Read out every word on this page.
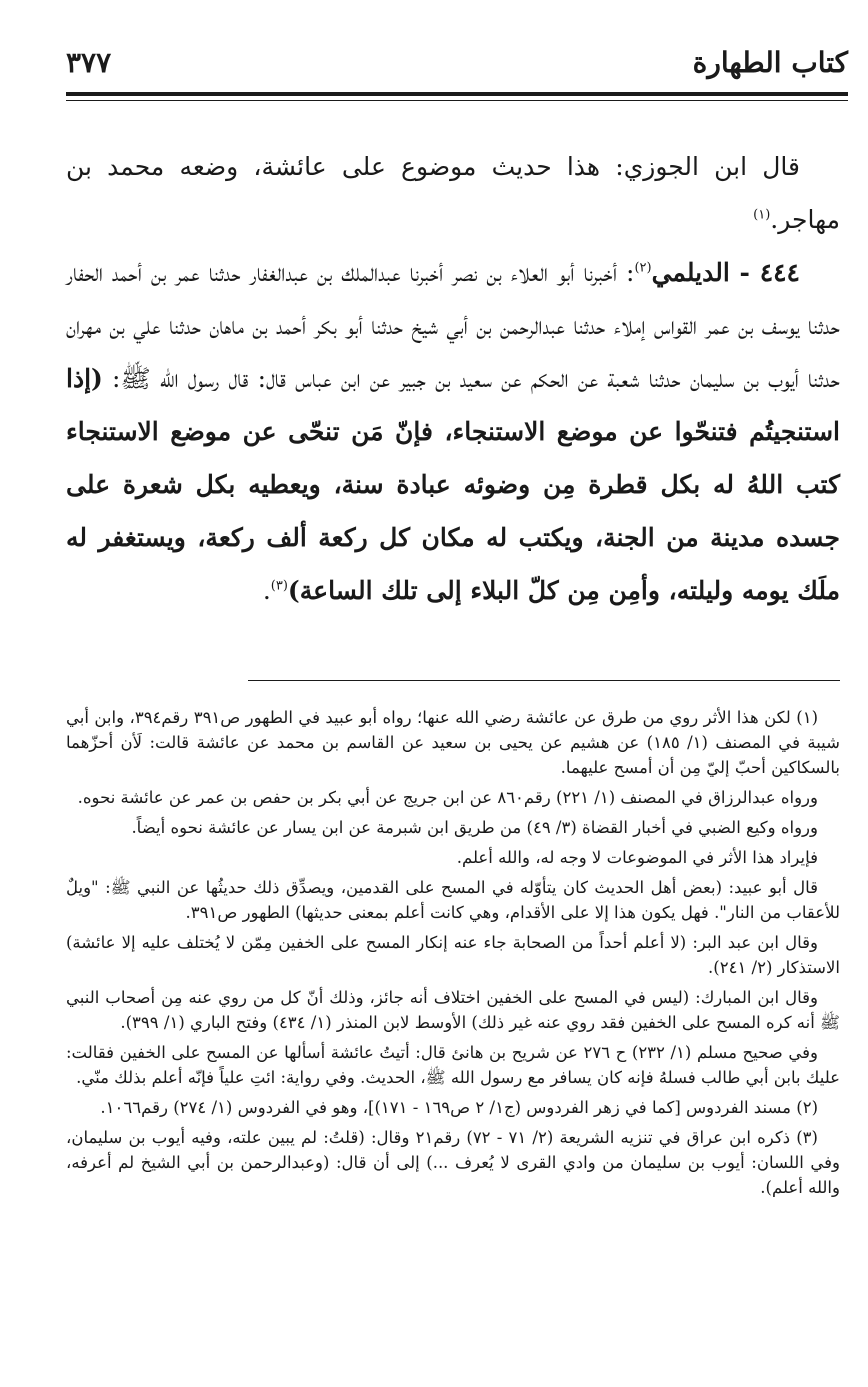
كتاب الطهارة
٣٧٧

قال ابن الجوزي: هذا حديث موضوع على عائشة، وضعه محمد بن مهاجر.$^{(١)}$

٤٤٤ - الديلمي$^{(٢)}$: أخبرنا أبو العلاء بن نصر أخبرنا عبدالملك بن عبدالغفار حدثنا عمر بن أحمد الحفار حدثنا يوسف بن عمر القواس إملاء حدثنا عبدالرحمن بن أبي شيخ حدثنا أبو بكر أحمد بن ماهان حدثنا علي بن مهران حدثنا أيوب بن سليمان حدثنا شعبة عن الحكم عن سعيد بن جبير عن ابن عباس قال: قال رسول الله ﷺ: (إذا استنجيتُم فتنحّوا عن موضع الاستنجاء، فإنّ مَن تنحّى عن موضع الاستنجاء كتب اللهُ له بكل قطرة مِن وضوئه عبادة سنة، ويعطيه بكل شعرة على جسده مدينة من الجنة، ويكتب له مكان كل ركعة ألف ركعة، ويستغفر له ملَك يومه وليلته، وأمِن مِن كلّ البلاء إلى تلك الساعة)$^{(٣)}$.

(١) لكن هذا الأثر روي من طرق عن عائشة رضي الله عنها؛ رواه أبو عبيد في الطهور ص٣٩١ رقم٣٩٤، وابن أبي شيبة في المصنف (١/ ١٨٥) عن هشيم عن يحيى بن سعيد عن القاسم بن محمد عن عائشة قالت: لَأن أحزّهما بالسكاكين أحبّ إليّ مِن أن أمسح عليهما.

ورواه عبدالرزاق في المصنف (١/ ٢٢١) رقم٨٦٠ عن ابن جريج عن أبي بكر بن حفص بن عمر عن عائشة نحوه.

ورواه وكيع الضبي في أخبار القضاة (٣/ ٤٩) من طريق ابن شبرمة عن ابن يسار عن عائشة نحوه أيضاً.

فإيراد هذا الأثر في الموضوعات لا وجه له، والله أعلم.

قال أبو عبيد: (بعض أهل الحديث كان يتأوّله في المسح على القدمين، ويصدِّق ذلك حديثُها عن النبي ﷺ: "ويلٌ للأعقاب من النار". فهل يكون هذا إلا على الأقدام، وهي كانت أعلم بمعنى حديثها) الطهور ص٣٩١.

وقال ابن عبد البر: (لا أعلم أحداً من الصحابة جاء عنه إنكار المسح على الخفين مِمّن لا يُختلف عليه إلا عائشة) الاستذكار (٢/ ٢٤١).

وقال ابن المبارك: (ليس في المسح على الخفين اختلاف أنه جائز، وذلك أنّ كل من روي عنه مِن أصحاب النبي ﷺ أنه كره المسح على الخفين فقد روي عنه غير ذلك) الأوسط لابن المنذر (١/ ٤٣٤) وفتح الباري (١/ ٣٩٩).

وفي صحيح مسلم (١/ ٢٣٢) ح ٢٧٦ عن شريح بن هانئ قال: أتيتُ عائشة أسألها عن المسح على الخفين فقالت: عليك بابن أبي طالب فسلهُ فإنه كان يسافر مع رسول الله ﷺ، الحديث. وفي رواية: ائتِ علياً فإنّه أعلم بذلك منّي.

(٢) مسند الفردوس [كما في زهر الفردوس (ج١/ ٢ ص١٦٩ - ١٧١)]، وهو في الفردوس (١/ ٢٧٤) رقم١٠٦٦.

(٣) ذكره ابن عراق في تنزيه الشريعة (٢/ ٧١ - ٧٢) رقم٢١ وقال: (قلتُ: لم يبين علته، وفيه أيوب بن سليمان، وفي اللسان: أيوب بن سليمان من وادي القرى لا يُعرف ...) إلى أن قال: (وعبدالرحمن بن أبي الشيخ لم أعرفه، والله أعلم).
